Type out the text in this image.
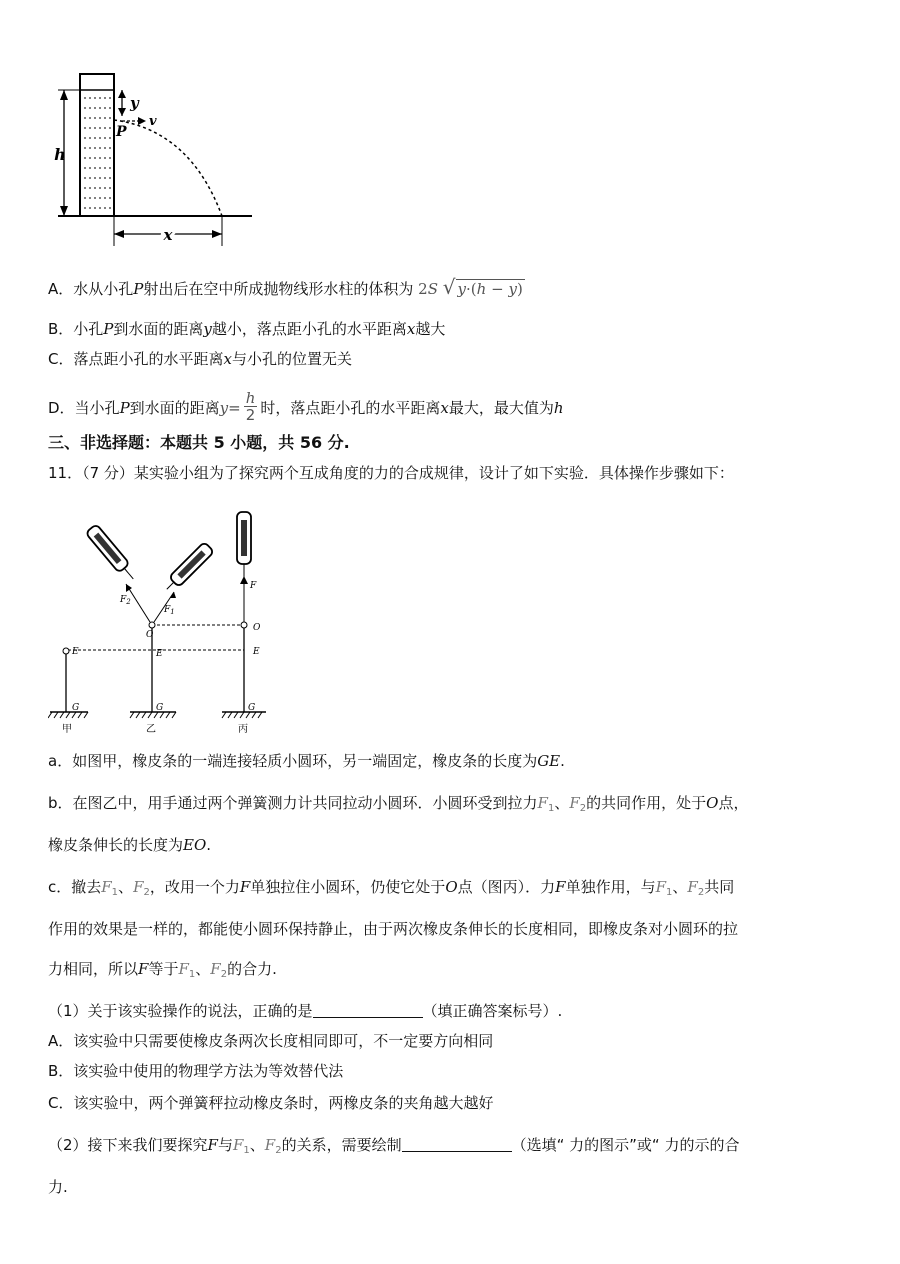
h
y
P
v
x
A．水从小孔P射出后在空中所成抛物线形水柱的体积为 2S √ y·(h − y)
B．小孔P到水面的距离y越小，落点距小孔的水平距离x越大
C．落点距小孔的水平距离x与小孔的位置无关
D．当小孔P到水面的距离$y= \frac{h}{2}$ 时，落点距小孔的水平距离x最大，最大值为h
三、非选择题：本题共 5 小题，共 56 分.
11．（7 分）某实验小组为了探究两个互成角度的力的合成规律，设计了如下实验．具体操作步骤如下：
E
G
甲
$F_2$
$F_1$
O
E
G
乙
F
O
E
G
丙
a．如图甲，橡皮条的一端连接轻质小圆环，另一端固定，橡皮条的长度为GE.
b．在图乙中，用手通过两个弹簧测力计共同拉动小圆环．小圆环受到拉力$F_1$、$F_2$的共同作用，处于O点，
橡皮条伸长的长度为EO.
c．撤去$F_1$、$F_2$，改用一个力F单独拉住小圆环，仍使它处于O点（图丙）．力F单独作用，与$F_1$、$F_2$共同
作用的效果是一样的，都能使小圆环保持静止，由于两次橡皮条伸长的长度相同，即橡皮条对小圆环的拉
力相同，所以F等于$F_1$、$F_2$的合力.
（1）关于该实验操作的说法，正确的是	（填正确答案标号）.
A．该实验中只需要使橡皮条两次长度相同即可，不一定要方向相同
B．该实验中使用的物理学方法为等效替代法
C．该实验中，两个弹簧秤拉动橡皮条时，两橡皮条的夹角越大越好
（2）接下来我们要探究F与$F_1$、$F_2$的关系，需要绘制	（选填“ 力的图示”或“ 力的示的合
力.
